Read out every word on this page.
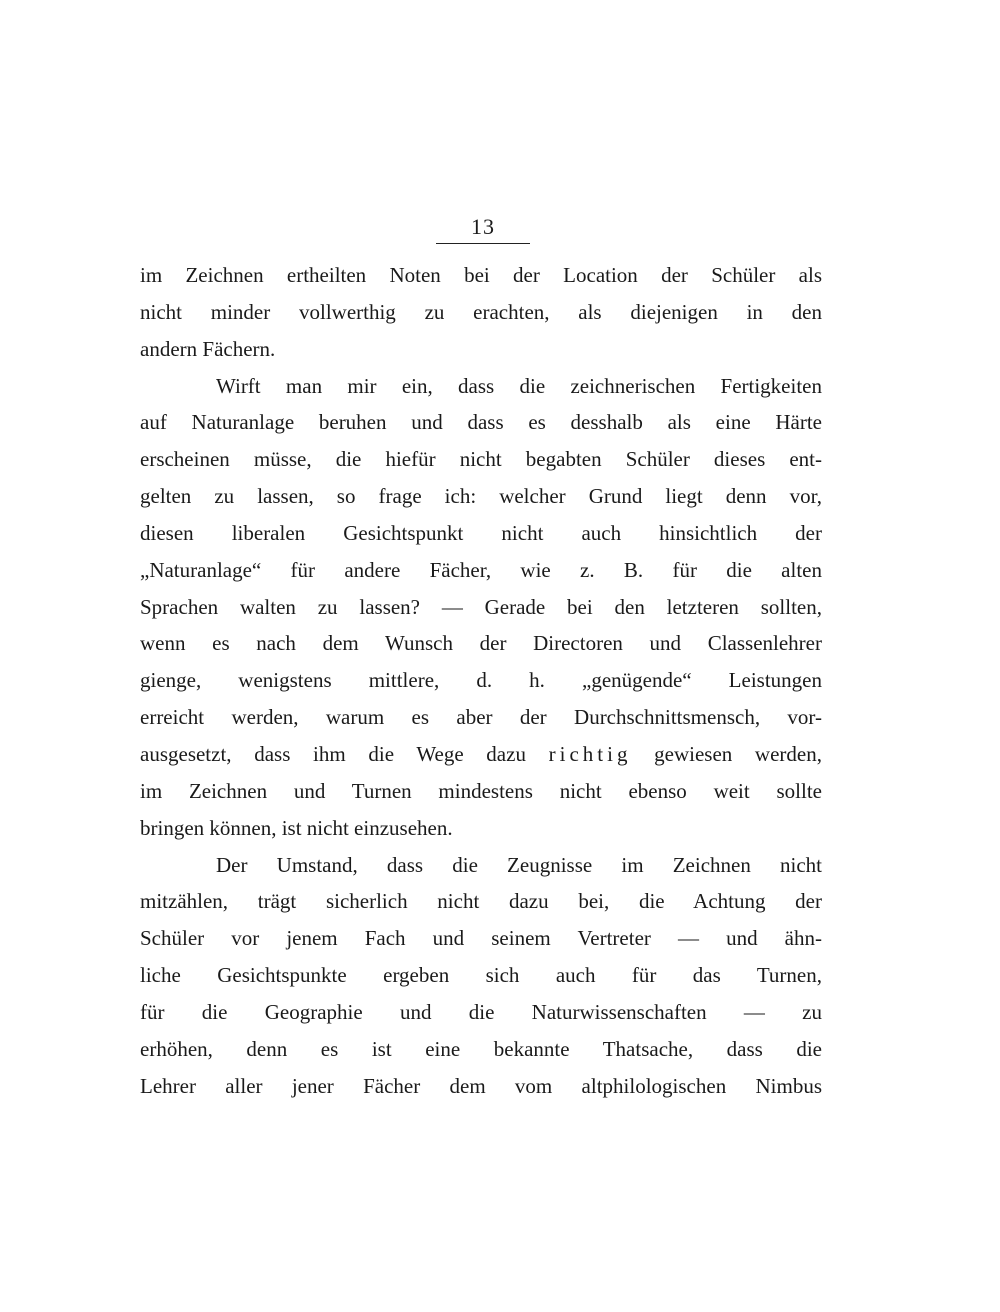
13
im Zeichnen ertheilten Noten bei der Location der Schüler als
nicht minder vollwerthig zu erachten, als diejenigen in den
andern Fächern.
Wirft man mir ein, dass die zeichnerischen Fertigkeiten
auf Naturanlage beruhen und dass es desshalb als eine Härte
erscheinen müsse, die hiefür nicht begabten Schüler dieses ent-
gelten zu lassen, so frage ich: welcher Grund liegt denn vor,
diesen liberalen Gesichtspunkt nicht auch hinsichtlich der
„Naturanlage“ für andere Fächer, wie z. B. für die alten
Sprachen walten zu lassen? — Gerade bei den letzteren sollten,
wenn es nach dem Wunsch der Directoren und Classenlehrer
gienge, wenigstens mittlere, d. h. „genügende“ Leistungen
erreicht werden, warum es aber der Durchschnittsmensch, vor-
ausgesetzt, dass ihm die Wege dazu richtig gewiesen werden,
im Zeichnen und Turnen mindestens nicht ebenso weit sollte
bringen können, ist nicht einzusehen.
Der Umstand, dass die Zeugnisse im Zeichnen nicht
mitzählen, trägt sicherlich nicht dazu bei, die Achtung der
Schüler vor jenem Fach und seinem Vertreter — und ähn-
liche Gesichtspunkte ergeben sich auch für das Turnen,
für die Geographie und die Naturwissenschaften — zu
erhöhen, denn es ist eine bekannte Thatsache, dass die
Lehrer aller jener Fächer dem vom altphilologischen Nimbus
